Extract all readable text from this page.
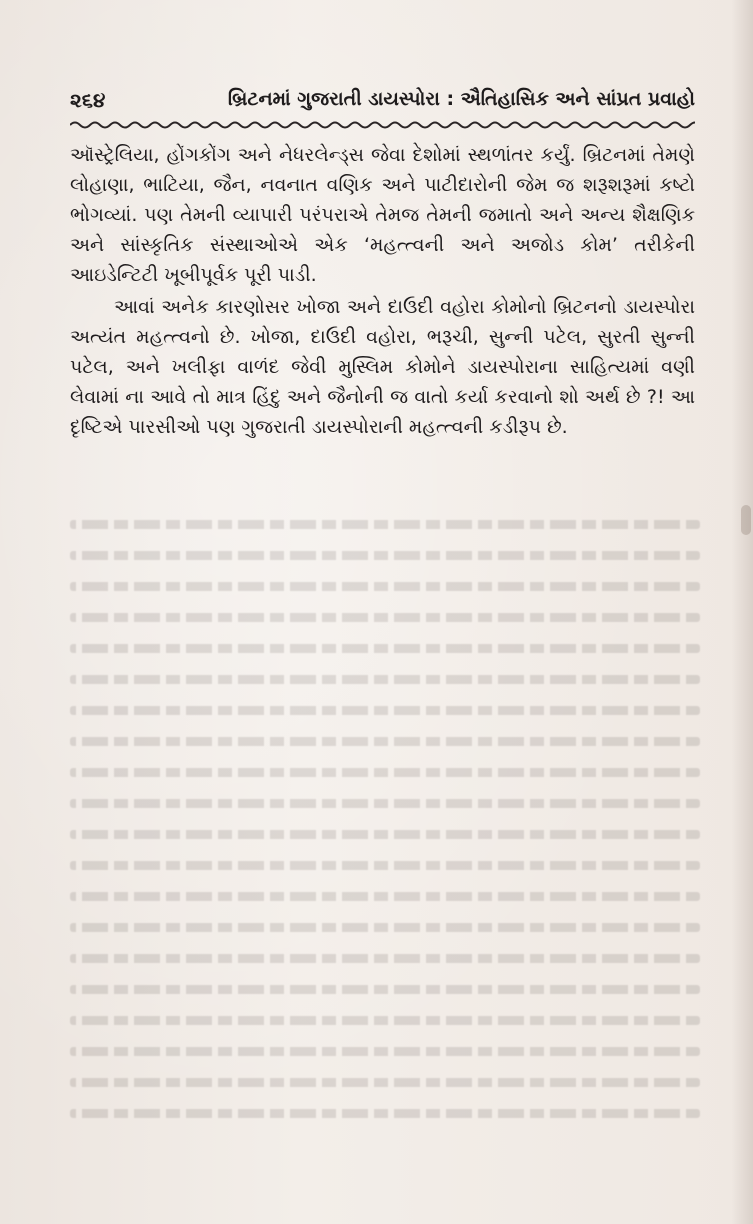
૨૬૪	બ્રિટનમાં ગુજરાતી ડાયસ્પોરા : ઐતિહાસિક અને સાંપ્રત પ્રવાહો

ઑસ્ટ્રેલિયા, હોંગકોંગ અને નેધરલેન્ડ્સ જેવા દેશોમાં સ્થળાંતર કર્યું. બ્રિટનમાં તેમણે લોહાણા, ભાટિયા, જૈન, નવનાત વણિક અને પાટીદારોની જેમ જ શરૂશરૂમાં કષ્ટો ભોગવ્યાં. પણ તેમની વ્યાપારી પરંપરાએ તેમજ તેમની જમાતો અને અન્ય શૈક્ષણિક અને સાંસ્કૃતિક સંસ્થાઓએ એક ‘મહત્ત્વની અને અજોડ કોમ’ તરીકેની આઇડેન્ટિટી ખૂબીપૂર્વક પૂરી પાડી.

આવાં અનેક કારણોસર ખોજા અને દાઉદી વહોરા કોમોનો બ્રિટનનો ડાયસ્પોરા અત્યંત મહત્ત્વનો છે. ખોજા, દાઉદી વહોરા, ભરૂચી, સુન્ની પટેલ, સુરતી સુન્ની પટેલ, અને ખલીફા વાળંદ જેવી મુસ્લિમ કોમોને ડાયસ્પોરાના સાહિત્યમાં વણી લેવામાં ના આવે તો માત્ર હિંદુ અને જૈનોની જ વાતો કર્યા કરવાનો શો અર્થ છે ?! આ દૃષ્ટિએ પારસીઓ પણ ગુજરાતી ડાયસ્પોરાની મહત્ત્વની કડીરૂપ છે.
